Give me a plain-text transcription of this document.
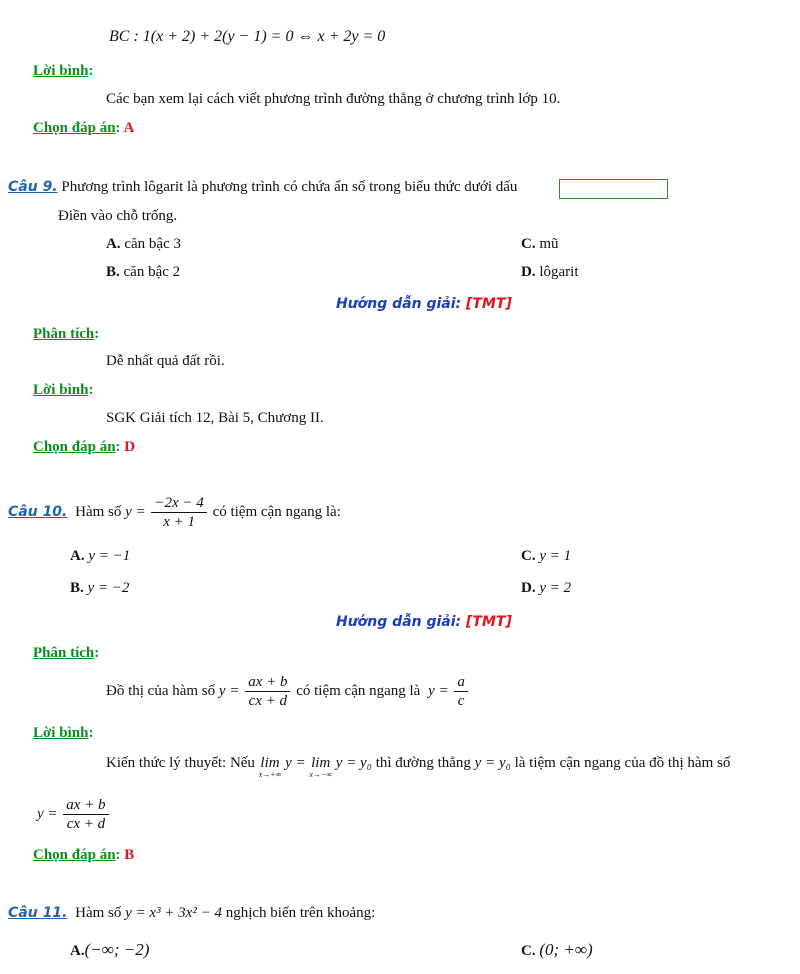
BC : 1(x + 2) + 2(y − 1) = 0 ⇔ x + 2y = 0
Lời bình:
Các bạn xem lại cách viết phương trình đường thẳng ở chương trình lớp 10.
Chọn đáp án: A
Câu 9. Phương trình lôgarit là phương trình có chứa ẩn số trong biểu thức dưới dấu
Điền vào chỗ trống.
A. căn bậc 3	C. mũ
B. căn bậc 2	D. lôgarit
Hướng dẫn giải: [TMT]
Phân tích:
Dễ nhất quả đất rồi.
Lời bình:
SGK Giải tích 12, Bài 5, Chương II.
Chọn đáp án: D
Câu 10. Hàm số $y = \frac{-2x - 4}{x + 1}$ có tiệm cận ngang là:
A. y = −1	C. y = 1
B. y = −2	D. y = 2
Hướng dẫn giải: [TMT]
Phân tích:
Đồ thị của hàm số $y = \frac{ax + b}{cx + d}$ có tiệm cận ngang là $y = \frac{a}{c}$
Lời bình:
Kiến thức lý thuyết: Nếu lim
x→+∞
y = lim
x→−∞
y = y₀ thì đường thẳng y = y₀ là tiệm cận ngang của đồ thị hàm số
$y = \frac{ax + b}{cx + d}$
Chọn đáp án: B
Câu 11. Hàm số y = x³ + 3x² − 4 nghịch biến trên khoảng:
A.(−∞; −2)	C. (0; +∞)
